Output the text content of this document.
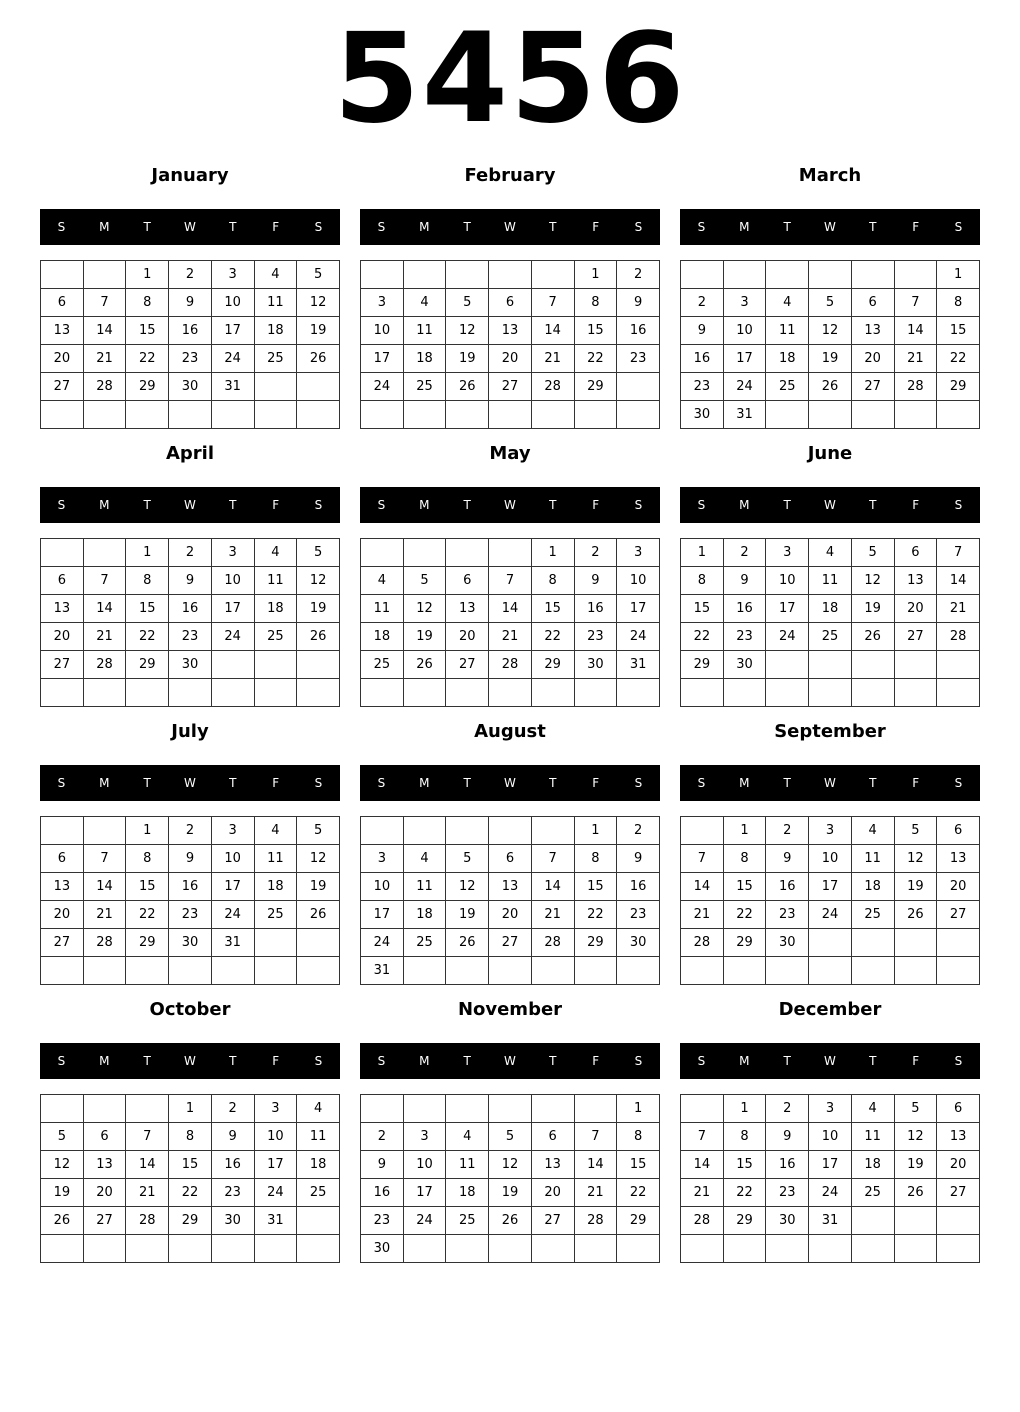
5456
January
S	M	T	W	T	F	S
		1	2	3	4	5
6	7	8	9	10	11	12
13	14	15	16	17	18	19
20	21	22	23	24	25	26
27	28	29	30	31		

February
S	M	T	W	T	F	S
					1	2
3	4	5	6	7	8	9
10	11	12	13	14	15	16
17	18	19	20	21	22	23
24	25	26	27	28	29	

March
S	M	T	W	T	F	S
						1
2	3	4	5	6	7	8
9	10	11	12	13	14	15
16	17	18	19	20	21	22
23	24	25	26	27	28	29
30	31					
April
S	M	T	W	T	F	S
		1	2	3	4	5
6	7	8	9	10	11	12
13	14	15	16	17	18	19
20	21	22	23	24	25	26
27	28	29	30			

May
S	M	T	W	T	F	S
				1	2	3
4	5	6	7	8	9	10
11	12	13	14	15	16	17
18	19	20	21	22	23	24
25	26	27	28	29	30	31

June
S	M	T	W	T	F	S
1	2	3	4	5	6	7
8	9	10	11	12	13	14
15	16	17	18	19	20	21
22	23	24	25	26	27	28
29	30					

July
S	M	T	W	T	F	S
		1	2	3	4	5
6	7	8	9	10	11	12
13	14	15	16	17	18	19
20	21	22	23	24	25	26
27	28	29	30	31		

August
S	M	T	W	T	F	S
					1	2
3	4	5	6	7	8	9
10	11	12	13	14	15	16
17	18	19	20	21	22	23
24	25	26	27	28	29	30
31						
September
S	M	T	W	T	F	S
	1	2	3	4	5	6
7	8	9	10	11	12	13
14	15	16	17	18	19	20
21	22	23	24	25	26	27
28	29	30				

October
S	M	T	W	T	F	S
			1	2	3	4
5	6	7	8	9	10	11
12	13	14	15	16	17	18
19	20	21	22	23	24	25
26	27	28	29	30	31	

November
S	M	T	W	T	F	S
						1
2	3	4	5	6	7	8
9	10	11	12	13	14	15
16	17	18	19	20	21	22
23	24	25	26	27	28	29
30						
December
S	M	T	W	T	F	S
	1	2	3	4	5	6
7	8	9	10	11	12	13
14	15	16	17	18	19	20
21	22	23	24	25	26	27
28	29	30	31			
